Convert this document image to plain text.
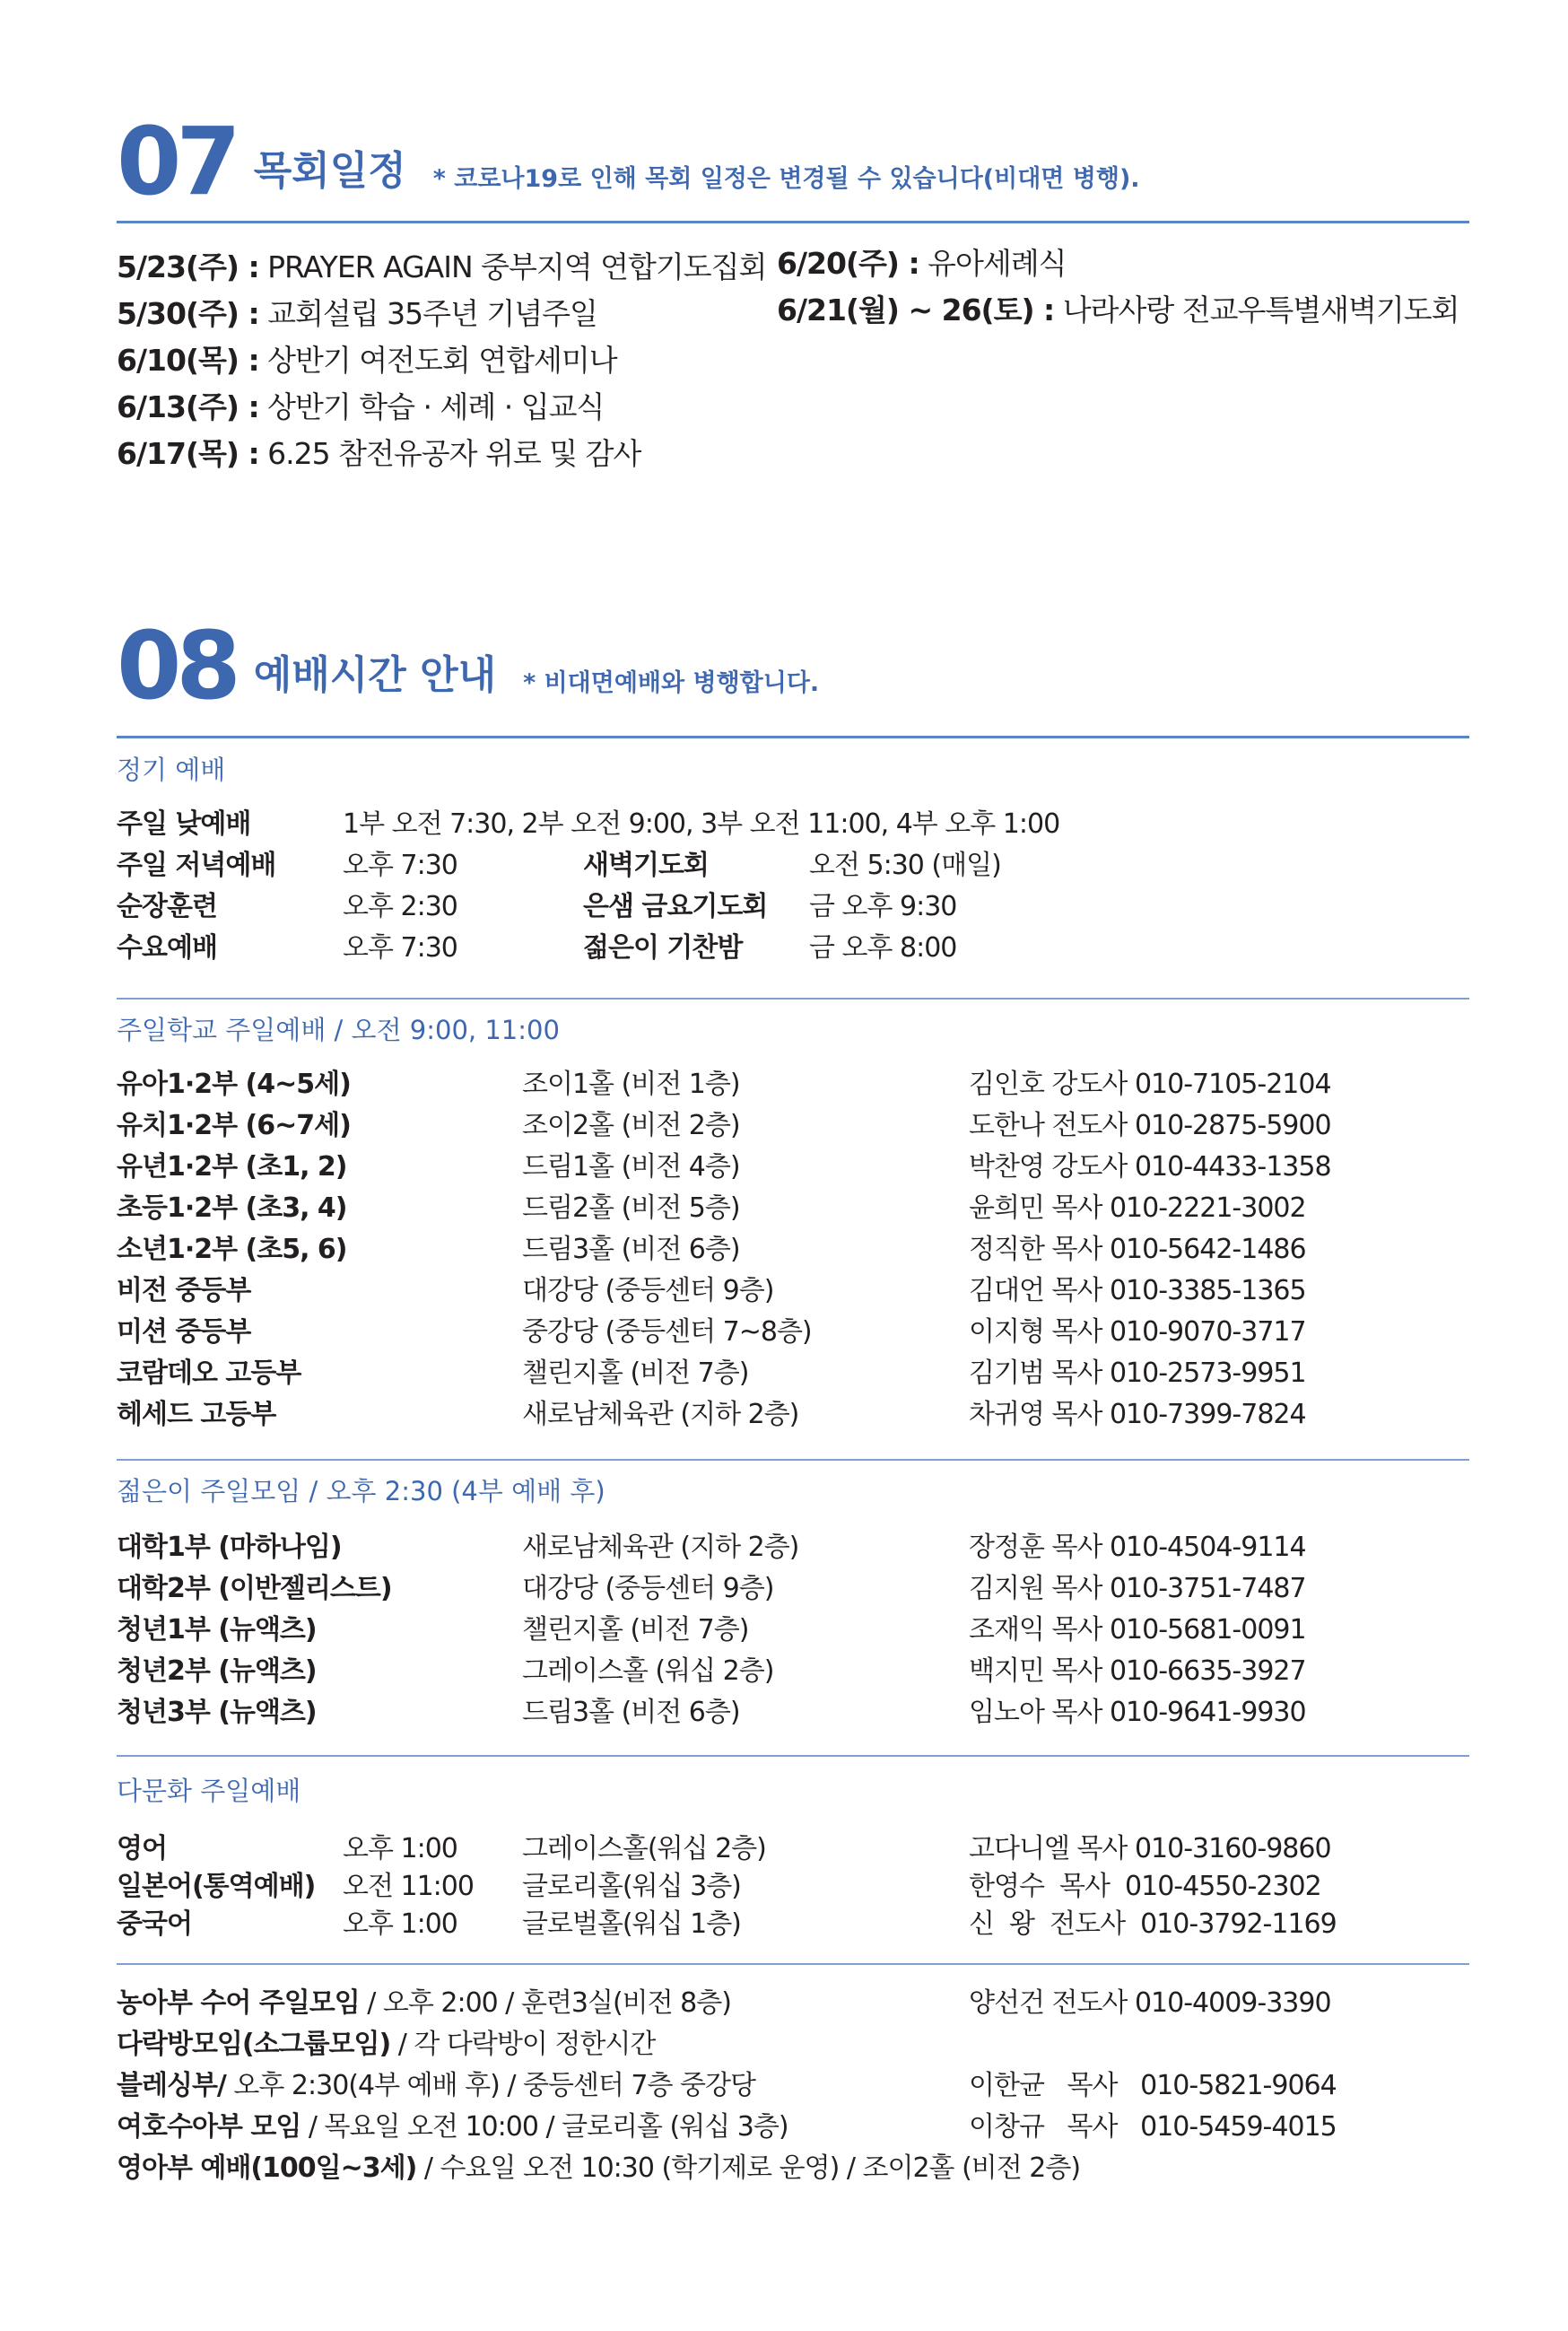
07 목회일정 * 코로나19로 인해 목회 일정은 변경될 수 있습니다(비대면 병행).
5/23(주) : PRAYER AGAIN 중부지역 연합기도집회
5/30(주) : 교회설립 35주년 기념주일
6/10(목) : 상반기 여전도회 연합세미나
6/13(주) : 상반기 학습 · 세례 · 입교식
6/17(목) : 6.25 참전유공자 위로 및 감사
6/20(주) : 유아세례식
6/21(월) ~ 26(토) : 나라사랑 전교우특별새벽기도회
08 예배시간 안내 * 비대면예배와 병행합니다.
정기 예배
주일 낮예배	1부 오전 7:30, 2부 오전 9:00, 3부 오전 11:00, 4부 오후 1:00
주일 저녁예배 오후 7:30	새벽기도회	오전 5:30 (매일)
순장훈련	오후 2:30	은샘 금요기도회 금 오후 9:30
수요예배	오후 7:30	젊은이 기찬밤 금 오후 8:00
주일학교 주일예배 / 오전 9:00, 11:00
유아1·2부 (4~5세)	조이1홀 (비전 1층)	김인호 강도사 010-7105-2104
유치1·2부 (6~7세)	조이2홀 (비전 2층)	도한나 전도사 010-2875-5900
유년1·2부 (초1, 2)	드림1홀 (비전 4층)	박찬영 강도사 010-4433-1358
초등1·2부 (초3, 4)	드림2홀 (비전 5층)	윤희민 목사 010-2221-3002
소년1·2부 (초5, 6)	드림3홀 (비전 6층)	정직한 목사 010-5642-1486
비전 중등부	대강당 (중등센터 9층)	김대언 목사 010-3385-1365
미션 중등부	중강당 (중등센터 7~8층)	이지형 목사 010-9070-3717
코람데오 고등부	챌린지홀 (비전 7층)	김기범 목사 010-2573-9951
헤세드 고등부	새로남체육관 (지하 2층)	차귀영 목사 010-7399-7824
젊은이 주일모임 / 오후 2:30 (4부 예배 후)
대학1부 (마하나임)	새로남체육관 (지하 2층)	장정훈 목사 010-4504-9114
대학2부 (이반젤리스트)	대강당 (중등센터 9층)	김지원 목사 010-3751-7487
청년1부 (뉴액츠)	챌린지홀 (비전 7층)	조재익 목사 010-5681-0091
청년2부 (뉴액츠)	그레이스홀 (워십 2층)	백지민 목사 010-6635-3927
청년3부 (뉴액츠)	드림3홀 (비전 6층)	임노아 목사 010-9641-9930
다문화 주일예배
영어	오후 1:00 그레이스홀(워십 2층)	고다니엘 목사 010-3160-9860
일본어(통역예배) 오전 11:00 글로리홀(워십 3층)	한영수  목사  010-4550-2302
중국어	오후 1:00 글로벌홀(워십 1층)	신  왕  전도사  010-3792-1169
농아부 수어 주일모임 / 오후 2:00 / 훈련3실(비전 8층)	양선건 전도사 010-4009-3390
다락방모임(소그룹모임) / 각 다락방이 정한시간
블레싱부/ 오후 2:30(4부 예배 후) / 중등센터 7층 중강당	이한균   목사   010-5821-9064
여호수아부 모임 / 목요일 오전 10:00 / 글로리홀 (워십 3층)	이창규   목사   010-5459-4015
영아부 예배(100일~3세) / 수요일 오전 10:30 (학기제로 운영) / 조이2홀 (비전 2층)
